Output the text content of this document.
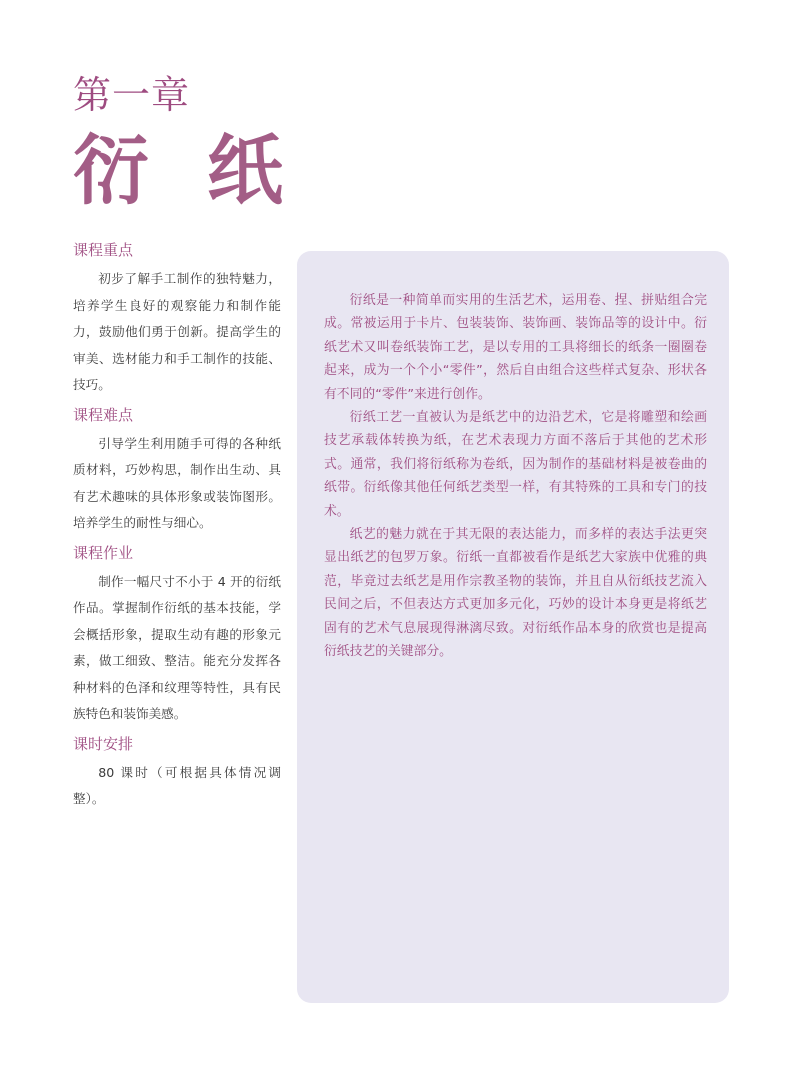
第一章
衍纸
课程重点

初步了解手工制作的独特魅力，培养学生良好的观察能力和制作能力，鼓励他们勇于创新。提高学生的审美、选材能力和手工制作的技能、技巧。

课程难点

引导学生利用随手可得的各种纸质材料，巧妙构思，制作出生动、具有艺术趣味的具体形象或装饰图形。培养学生的耐性与细心。

课程作业

制作一幅尺寸不小于 4 开的衍纸作品。掌握制作衍纸的基本技能，学会概括形象，提取生动有趣的形象元素，做工细致、整洁。能充分发挥各种材料的色泽和纹理等特性，具有民族特色和装饰美感。

课时安排

80 课时（可根据具体情况调整）。

衍纸是一种简单而实用的生活艺术，运用卷、捏、拼贴组合完成。常被运用于卡片、包装装饰、装饰画、装饰品等的设计中。衍纸艺术又叫卷纸装饰工艺，是以专用的工具将细长的纸条一圈圈卷起来，成为一个个小“零件”，然后自由组合这些样式复杂、形状各有不同的“零件”来进行创作。

衍纸工艺一直被认为是纸艺中的边沿艺术，它是将雕塑和绘画技艺承载体转换为纸，在艺术表现力方面不落后于其他的艺术形式。通常，我们将衍纸称为卷纸，因为制作的基础材料是被卷曲的纸带。衍纸像其他任何纸艺类型一样，有其特殊的工具和专门的技术。

纸艺的魅力就在于其无限的表达能力，而多样的表达手法更突显出纸艺的包罗万象。衍纸一直都被看作是纸艺大家族中优雅的典范，毕竟过去纸艺是用作宗教圣物的装饰，并且自从衍纸技艺流入民间之后，不但表达方式更加多元化，巧妙的设计本身更是将纸艺固有的艺术气息展现得淋漓尽致。对衍纸作品本身的欣赏也是提高衍纸技艺的关键部分。
